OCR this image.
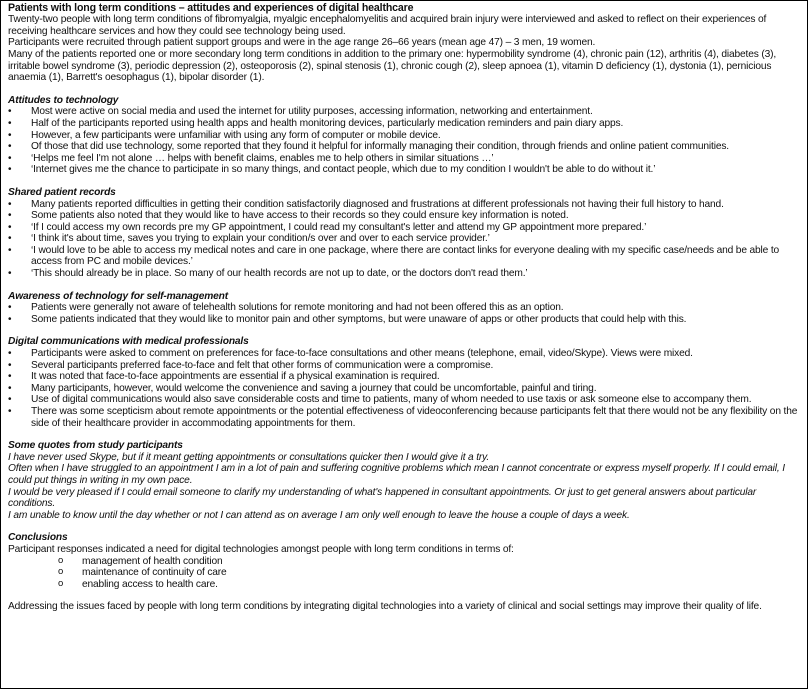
Patients with long term conditions – attitudes and experiences of digital healthcare

Twenty-two people with long term conditions of fibromyalgia, myalgic encephalomyelitis and acquired brain injury were interviewed and asked to reflect on their experiences of receiving healthcare services and how they could see technology being used.

Participants were recruited through patient support groups and were in the age range 26–66 years (mean age 47) – 3 men, 19 women.

Many of the patients reported one or more secondary long term conditions in addition to the primary one: hypermobility syndrome (4), chronic pain (12), arthritis (4), diabetes (3), irritable bowel syndrome (3), periodic depression (2), osteoporosis (2), spinal stenosis (1), chronic cough (2), sleep apnoea (1), vitamin D deficiency (1), dystonia (1), pernicious anaemia (1), Barrett's oesophagus (1), bipolar disorder (1).

Attitudes to technology

• Most were active on social media and used the internet for utility purposes, accessing information, networking and entertainment.
• Half of the participants reported using health apps and health monitoring devices, particularly medication reminders and pain diary apps.
• However, a few participants were unfamiliar with using any form of computer or mobile device.
• Of those that did use technology, some reported that they found it helpful for informally managing their condition, through friends and online patient communities.
• ‘Helps me feel I'm not alone … helps with benefit claims, enables me to help others in similar situations …’
• ‘Internet gives me the chance to participate in so many things, and contact people, which due to my condition I wouldn't be able to do without it.’

Shared patient records

• Many patients reported difficulties in getting their condition satisfactorily diagnosed and frustrations at different professionals not having their full history to hand.
• Some patients also noted that they would like to have access to their records so they could ensure key information is noted.
• ‘If I could access my own records pre my GP appointment, I could read my consultant's letter and attend my GP appointment more prepared.’
• ‘I think it's about time, saves you trying to explain your condition/s over and over to each service provider.’
• ‘I would love to be able to access my medical notes and care in one package, where there are contact links for everyone dealing with my specific case/needs and be able to access from PC and mobile devices.’
• ‘This should already be in place. So many of our health records are not up to date, or the doctors don't read them.’

Awareness of technology for self-management

• Patients were generally not aware of telehealth solutions for remote monitoring and had not been offered this as an option.
• Some patients indicated that they would like to monitor pain and other symptoms, but were unaware of apps or other products that could help with this.

Digital communications with medical professionals

• Participants were asked to comment on preferences for face-to-face consultations and other means (telephone, email, video/Skype). Views were mixed.
• Several participants preferred face-to-face and felt that other forms of communication were a compromise.
• It was noted that face-to-face appointments are essential if a physical examination is required.
• Many participants, however, would welcome the convenience and saving a journey that could be uncomfortable, painful and tiring.
• Use of digital communications would also save considerable costs and time to patients, many of whom needed to use taxis or ask someone else to accompany them.
• There was some scepticism about remote appointments or the potential effectiveness of videoconferencing because participants felt that there would not be any flexibility on the side of their healthcare provider in accommodating appointments for them.

Some quotes from study participants

I have never used Skype, but if it meant getting appointments or consultations quicker then I would give it a try.

Often when I have struggled to an appointment I am in a lot of pain and suffering cognitive problems which mean I cannot concentrate or express myself properly. If I could email, I could put things in writing in my own pace.

I would be very pleased if I could email someone to clarify my understanding of what's happened in consultant appointments. Or just to get general answers about particular conditions.

I am unable to know until the day whether or not I can attend as on average I am only well enough to leave the house a couple of days a week.

Conclusions

Participant responses indicated a need for digital technologies amongst people with long term conditions in terms of:

o management of health condition
o maintenance of continuity of care
o enabling access to health care.

Addressing the issues faced by people with long term conditions by integrating digital technologies into a variety of clinical and social settings may improve their quality of life.
